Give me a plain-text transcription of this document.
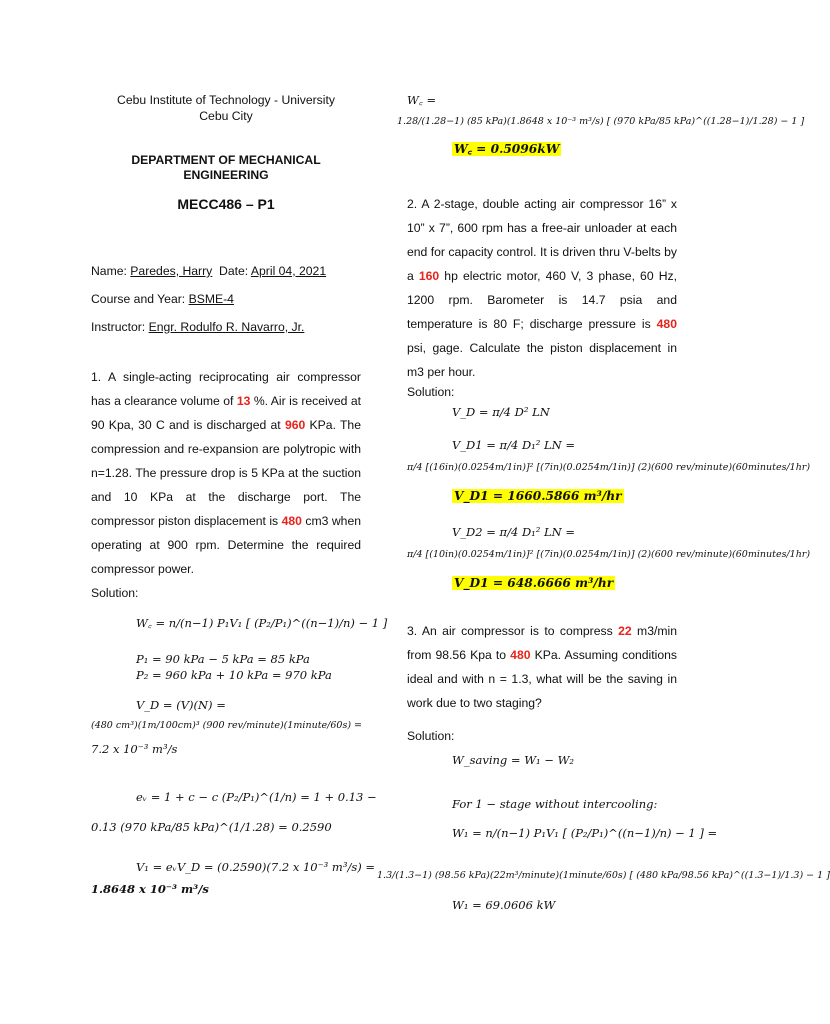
Cebu Institute of Technology - University
Cebu City
DEPARTMENT OF MECHANICAL
ENGINEERING
MECC486 – P1
Name: Paredes, Harry  Date: April 04, 2021
Course and Year: BSME-4
Instructor: Engr. Rodulfo R. Navarro, Jr.
1. A single-acting reciprocating air compressor has a clearance volume of 13 %. Air is received at 90 Kpa, 30 C and is discharged at 960 KPa. The compression and re-expansion are polytropic with n=1.28. The pressure drop is 5 KPa at the suction and 10 KPa at the discharge port. The compressor piston displacement is 480 cm3 when operating at 900 rpm. Determine the required compressor power.
Solution:
W꜀ = n/(n−1) P₁V₁ [ (P₂/P₁)^((n−1)/n) − 1 ]
P₁ = 90 kPa − 5 kPa = 85 kPa
P₂ = 960 kPa + 10 kPa = 970 kPa
V_D = (V)(N) =
(480 cm³)(1m/100cm)³ (900 rev/minute)(1minute/60s) =
7.2 x 10⁻³ m³/s
eᵥ = 1 + c − c (P₂/P₁)^(1/n) = 1 + 0.13 −
0.13 (970 kPa/85 kPa)^(1/1.28) = 0.2590
V₁ = eᵥV_D = (0.2590)(7.2 x 10⁻³ m³/s) =
1.8648 x 10⁻³ m³/s
W꜀ =
1.28/(1.28−1) (85 kPa)(1.8648 x 10⁻³ m³/s) [ (970 kPa/85 kPa)^((1.28−1)/1.28) − 1 ]
W꜀ = 0.5096kW
2. A 2-stage, double acting air compressor 16” x 10” x 7”, 600 rpm has a free-air unloader at each end for capacity control. It is driven thru V-belts by a 160 hp electric motor, 460 V, 3 phase, 60 Hz, 1200 rpm. Barometer is 14.7 psia and temperature is 80 F; discharge pressure is 480 psi, gage. Calculate the piston displacement in m3 per hour.
Solution:
V_D = π/4 D² LN
V_D1 = π/4 D₁² LN =
π/4 [(16in)(0.0254m/1in)]² [(7in)(0.0254m/1in)] (2)(600 rev/minute)(60minutes/1hr)
V_D1 = 1660.5866 m³/hr
V_D2 = π/4 D₁² LN =
π/4 [(10in)(0.0254m/1in)]² [(7in)(0.0254m/1in)] (2)(600 rev/minute)(60minutes/1hr)
V_D1 = 648.6666 m³/hr
3. An air compressor is to compress 22 m3/min from 98.56 Kpa to 480 KPa. Assuming conditions ideal and with n = 1.3, what will be the saving in work due to two staging?
Solution:
W_saving = W₁ − W₂
For 1 − stage without intercooling:
W₁ = n/(n−1) P₁V₁ [ (P₂/P₁)^((n−1)/n) − 1 ] =
1.3/(1.3−1) (98.56 kPa)(22m³/minute)(1minute/60s) [ (480 kPa/98.56 kPa)^((1.3−1)/1.3) − 1 ]
W₁ = 69.0606 kW
